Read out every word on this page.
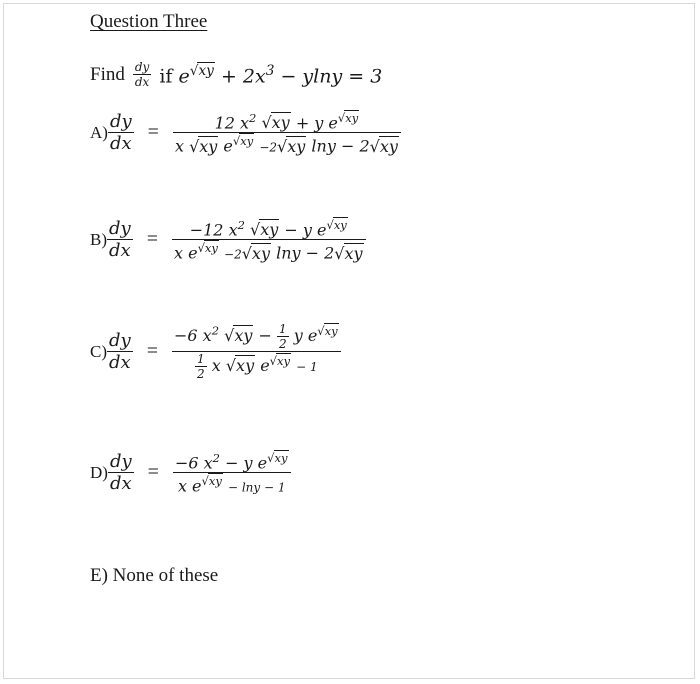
Question Three
Find $\frac{dy}{dx}$ if e $^{√ xy} + 2x^3 - ylny = 3$
$A) \frac{dy}{dx} = \frac{12 x^2 √ xy + y e ^{√ xy}}{x √ xy e ^{√ xy} -2 √ xy \ln y - 2 √ xy}$
$B) \frac{dy}{dx} = \frac{-12 x^2 √ xy - y e ^{√ xy}}{x e ^{√ xy} -2 √ xy \ln y - 2 √ xy}$
$C) \frac{dy}{dx} = \frac{-6 x^2 √ xy - \frac{1}{2} y e ^{√ xy}}{\frac{1}{2} x √ xy e ^{√ xy} - 1}$
$D) \frac{dy}{dx} = \frac{-6 x^2 - y e ^{√ xy}}{x e ^{√ xy} - \ln y - 1}$
E) None of these
